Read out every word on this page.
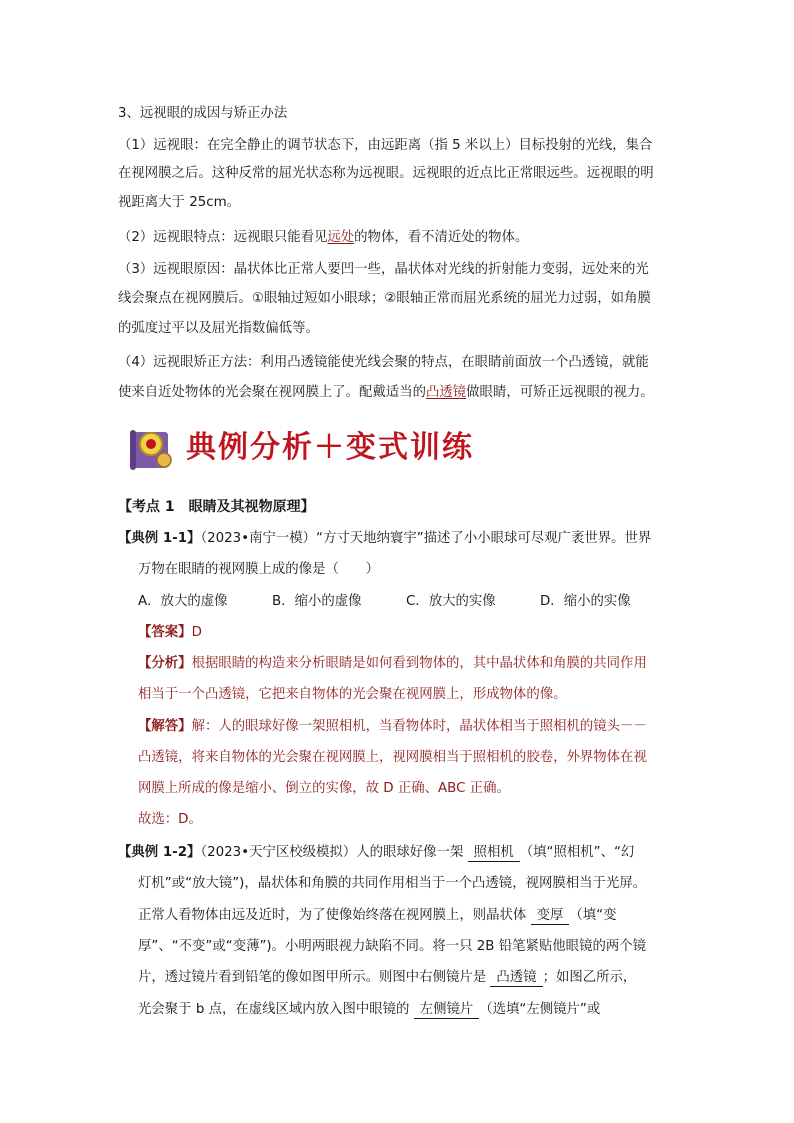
3、远视眼的成因与矫正办法
（1）远视眼：在完全静止的调节状态下，由远距离（指 5 米以上）目标投射的光线，集合
在视网膜之后。这种反常的屈光状态称为远视眼。远视眼的近点比正常眼远些。远视眼的明
视距离大于 25cm。
（2）远视眼特点：远视眼只能看见远处的物体，看不清近处的物体。
（3）远视眼原因：晶状体比正常人要凹一些，晶状体对光线的折射能力变弱，远处来的光
线会聚点在视网膜后。①眼轴过短如小眼球；②眼轴正常而屈光系统的屈光力过弱，如角膜
的弧度过平以及屈光指数偏低等。
（4）远视眼矫正方法：利用凸透镜能使光线会聚的特点，在眼睛前面放一个凸透镜，就能
使来自近处物体的光会聚在视网膜上了。配戴适当的凸透镜做眼睛，可矫正远视眼的视力。
典例分析＋变式训练
【考点 1　眼睛及其视物原理】
【典例 1-1】（2023•南宁一模）“方寸天地纳寰宇”描述了小小眼球可尽观广袤世界。世界
万物在眼睛的视网膜上成的像是（　　）
A．放大的虚像	B．缩小的虚像	C．放大的实像	D．缩小的实像
【答案】D
【分析】根据眼睛的构造来分析眼睛是如何看到物体的，其中晶状体和角膜的共同作用
相当于一个凸透镜，它把来自物体的光会聚在视网膜上，形成物体的像。
【解答】解：人的眼球好像一架照相机，当看物体时，晶状体相当于照相机的镜头－－
凸透镜，将来自物体的光会聚在视网膜上，视网膜相当于照相机的胶卷，外界物体在视
网膜上所成的像是缩小、倒立的实像，故 D 正确、ABC 正确。
故选：D。
【典例 1-2】（2023•天宁区校级模拟）人的眼球好像一架 照相机 （填“照相机”、“幻
灯机”或“放大镜”)，晶状体和角膜的共同作用相当于一个凸透镜，视网膜相当于光屏。
正常人看物体由远及近时，为了使像始终落在视网膜上，则晶状体 变厚 （填“变
厚”、“不变”或“变薄”)。小明两眼视力缺陷不同。将一只 2B 铅笔紧贴他眼镜的两个镜
片，透过镜片看到铅笔的像如图甲所示。则图中右侧镜片是 凸透镜 ；如图乙所示，
光会聚于 b 点，在虚线区域内放入图中眼镜的 左侧镜片 （选填“左侧镜片”或
